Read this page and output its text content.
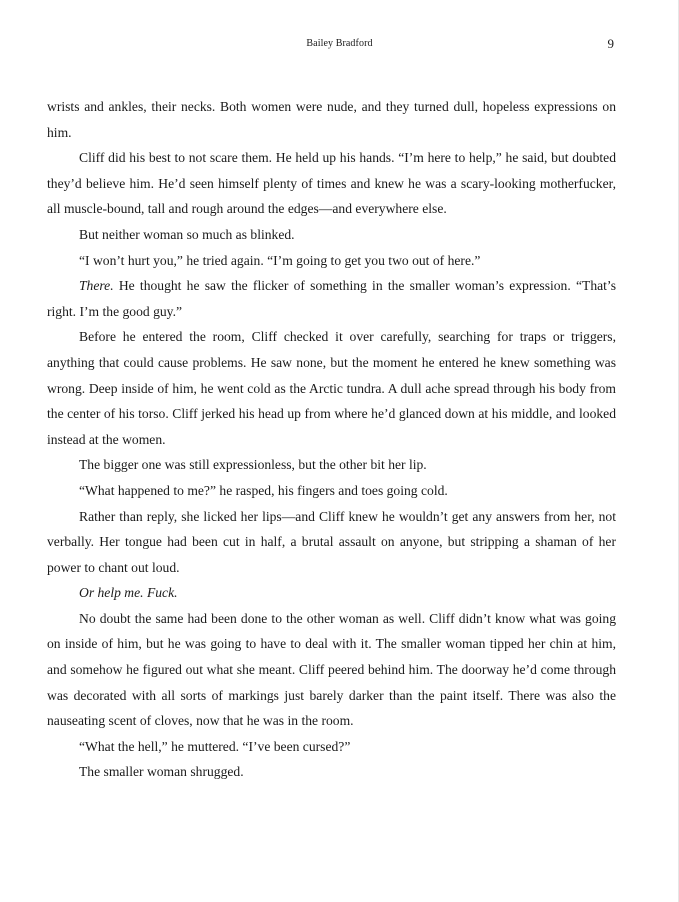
Bailey Bradford	9

wrists and ankles, their necks. Both women were nude, and they turned dull, hopeless expressions on him.

Cliff did his best to not scare them. He held up his hands. “I’m here to help,” he said, but doubted they’d believe him. He’d seen himself plenty of times and knew he was a scary-looking motherfucker, all muscle-bound, tall and rough around the edges—and everywhere else.

But neither woman so much as blinked.

“I won’t hurt you,” he tried again. “I’m going to get you two out of here.”

There. He thought he saw the flicker of something in the smaller woman’s expression. “That’s right. I’m the good guy.”

Before he entered the room, Cliff checked it over carefully, searching for traps or triggers, anything that could cause problems. He saw none, but the moment he entered he knew something was wrong. Deep inside of him, he went cold as the Arctic tundra. A dull ache spread through his body from the center of his torso. Cliff jerked his head up from where he’d glanced down at his middle, and looked instead at the women.

The bigger one was still expressionless, but the other bit her lip.

“What happened to me?” he rasped, his fingers and toes going cold.

Rather than reply, she licked her lips—and Cliff knew he wouldn’t get any answers from her, not verbally. Her tongue had been cut in half, a brutal assault on anyone, but stripping a shaman of her power to chant out loud.

Or help me. Fuck.

No doubt the same had been done to the other woman as well. Cliff didn’t know what was going on inside of him, but he was going to have to deal with it. The smaller woman tipped her chin at him, and somehow he figured out what she meant. Cliff peered behind him. The doorway he’d come through was decorated with all sorts of markings just barely darker than the paint itself. There was also the nauseating scent of cloves, now that he was in the room.

“What the hell,” he muttered. “I’ve been cursed?”

The smaller woman shrugged.
